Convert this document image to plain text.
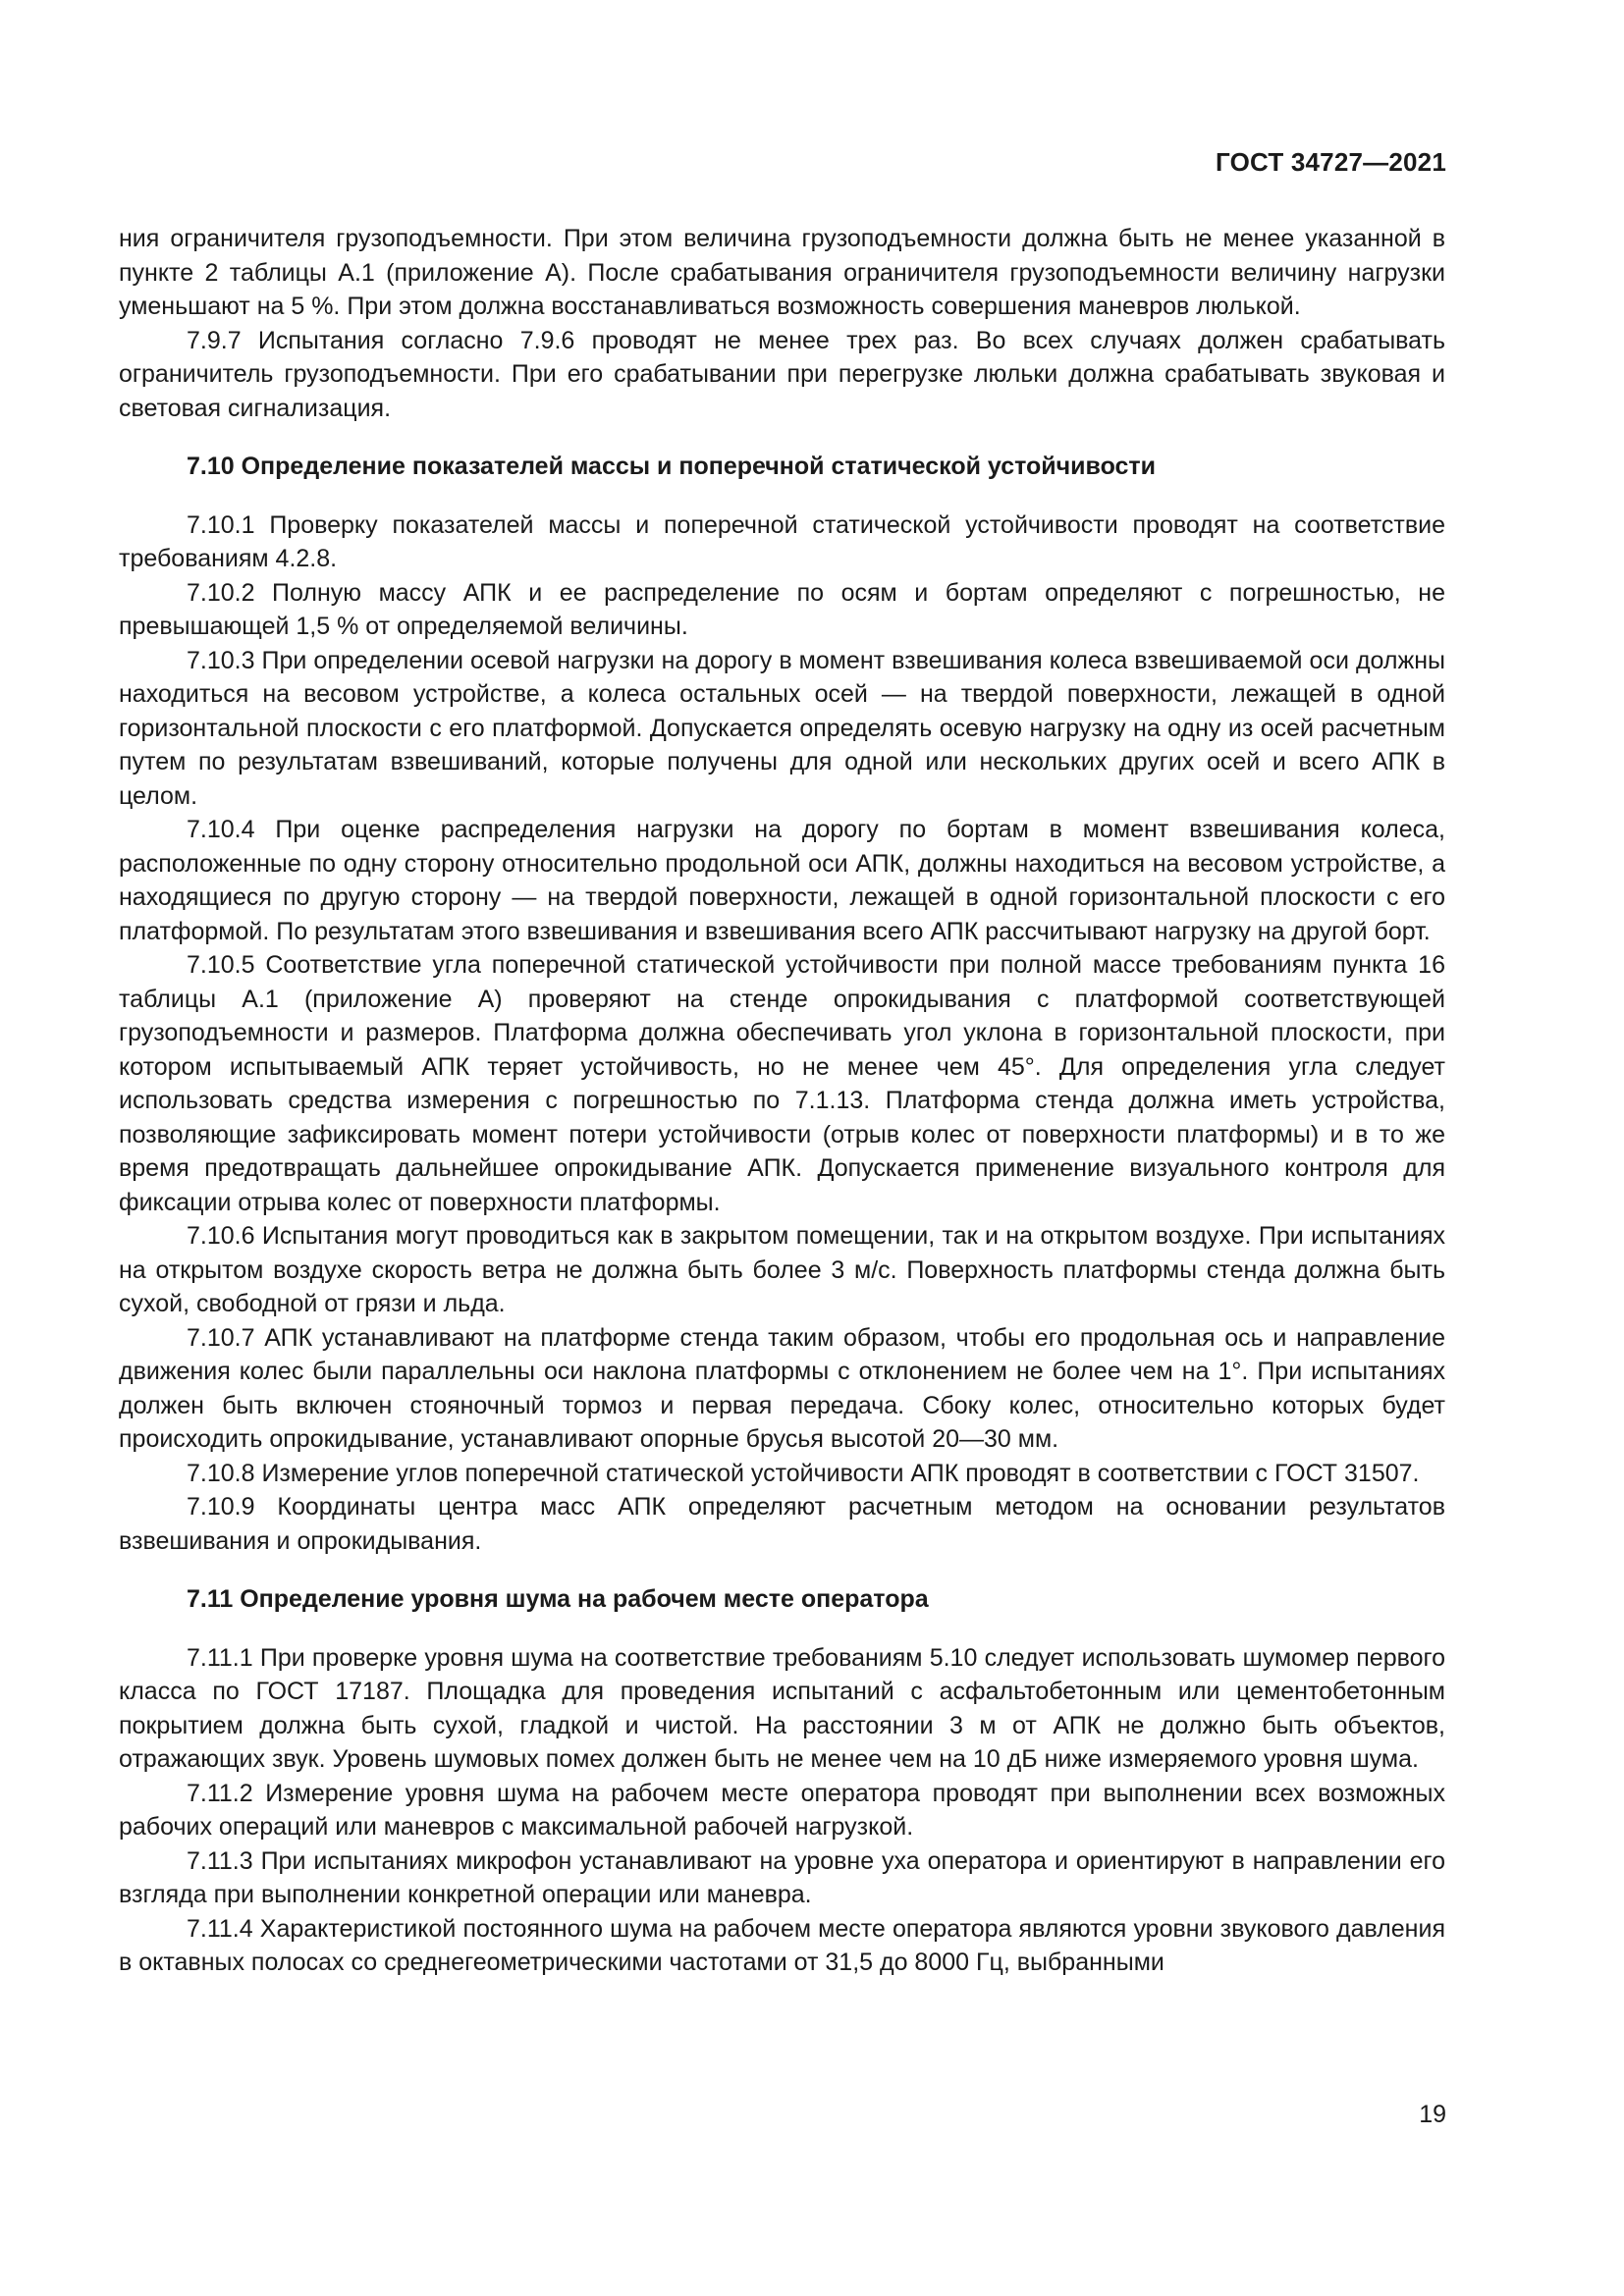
ГОСТ 34727—2021

ния ограничителя грузоподъемности. При этом величина грузоподъемности должна быть не менее указанной в пункте 2 таблицы А.1 (приложение А). После срабатывания ограничителя грузоподъемности величину нагрузки уменьшают на 5 %. При этом должна восстанавливаться возможность совершения маневров люлькой.

7.9.7 Испытания согласно 7.9.6 проводят не менее трех раз. Во всех случаях должен срабатывать ограничитель грузоподъемности. При его срабатывании при перегрузке люльки должна срабатывать звуковая и световая сигнализация.

7.10 Определение показателей массы и поперечной статической устойчивости

7.10.1 Проверку показателей массы и поперечной статической устойчивости проводят на соответствие требованиям 4.2.8.

7.10.2 Полную массу АПК и ее распределение по осям и бортам определяют с погрешностью, не превышающей 1,5 % от определяемой величины.

7.10.3 При определении осевой нагрузки на дорогу в момент взвешивания колеса взвешиваемой оси должны находиться на весовом устройстве, а колеса остальных осей — на твердой поверхности, лежащей в одной горизонтальной плоскости с его платформой. Допускается определять осевую нагрузку на одну из осей расчетным путем по результатам взвешиваний, которые получены для одной или нескольких других осей и всего АПК в целом.

7.10.4 При оценке распределения нагрузки на дорогу по бортам в момент взвешивания колеса, расположенные по одну сторону относительно продольной оси АПК, должны находиться на весовом устройстве, а находящиеся по другую сторону — на твердой поверхности, лежащей в одной горизонтальной плоскости с его платформой. По результатам этого взвешивания и взвешивания всего АПК рассчитывают нагрузку на другой борт.

7.10.5 Соответствие угла поперечной статической устойчивости при полной массе требованиям пункта 16 таблицы А.1 (приложение А) проверяют на стенде опрокидывания с платформой соответствующей грузоподъемности и размеров. Платформа должна обеспечивать угол уклона в горизонтальной плоскости, при котором испытываемый АПК теряет устойчивость, но не менее чем 45°. Для определения угла следует использовать средства измерения с погрешностью по 7.1.13. Платформа стенда должна иметь устройства, позволяющие зафиксировать момент потери устойчивости (отрыв колес от поверхности платформы) и в то же время предотвращать дальнейшее опрокидывание АПК. Допускается применение визуального контроля для фиксации отрыва колес от поверхности платформы.

7.10.6 Испытания могут проводиться как в закрытом помещении, так и на открытом воздухе. При испытаниях на открытом воздухе скорость ветра не должна быть более 3 м/с. Поверхность платформы стенда должна быть сухой, свободной от грязи и льда.

7.10.7 АПК устанавливают на платформе стенда таким образом, чтобы его продольная ось и направление движения колес были параллельны оси наклона платформы с отклонением не более чем на 1°. При испытаниях должен быть включен стояночный тормоз и первая передача. Сбоку колес, относительно которых будет происходить опрокидывание, устанавливают опорные брусья высотой 20—30 мм.

7.10.8 Измерение углов поперечной статической устойчивости АПК проводят в соответствии с ГОСТ 31507.

7.10.9 Координаты центра масс АПК определяют расчетным методом на основании результатов взвешивания и опрокидывания.

7.11 Определение уровня шума на рабочем месте оператора

7.11.1 При проверке уровня шума на соответствие требованиям 5.10 следует использовать шумомер первого класса по ГОСТ 17187. Площадка для проведения испытаний с асфальтобетонным или цементобетонным покрытием должна быть сухой, гладкой и чистой. На расстоянии 3 м от АПК не должно быть объектов, отражающих звук. Уровень шумовых помех должен быть не менее чем на 10 дБ ниже измеряемого уровня шума.

7.11.2 Измерение уровня шума на рабочем месте оператора проводят при выполнении всех возможных рабочих операций или маневров с максимальной рабочей нагрузкой.

7.11.3 При испытаниях микрофон устанавливают на уровне уха оператора и ориентируют в направлении его взгляда при выполнении конкретной операции или маневра.

7.11.4 Характеристикой постоянного шума на рабочем месте оператора являются уровни звукового давления в октавных полосах со среднегеометрическими частотами от 31,5 до 8000 Гц, выбранными

19
